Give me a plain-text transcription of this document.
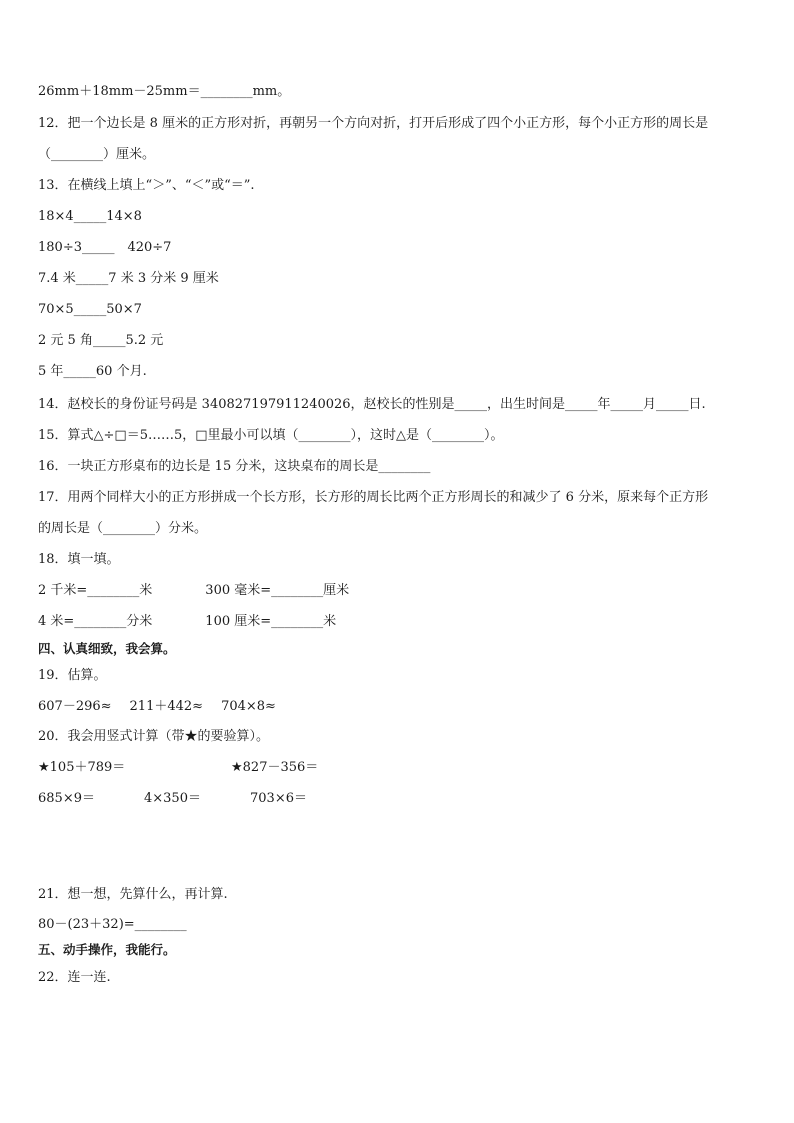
26mm＋18mm－25mm＝________mm。
12．把一个边长是 8 厘米的正方形对折，再朝另一个方向对折，打开后形成了四个小正方形，每个小正方形的周长是
（________）厘米。
13．在横线上填上“＞”、“＜”或“＝”.
18×4_____14×8
180÷3_____　420÷7
7.4 米_____7 米 3 分米 9 厘米
70×5_____50×7
2 元 5 角_____5.2 元
5 年_____60 个月.
14．赵校长的身份证号码是 340827197911240026，赵校长的性别是_____，出生时间是_____年_____月_____日.
15．算式△÷□＝5……5，□里最小可以填（________），这时△是（________）。
16．一块正方形桌布的边长是 15 分米，这块桌布的周长是________
17．用两个同样大小的正方形拼成一个长方形，长方形的周长比两个正方形周长的和减少了 6 分米，原来每个正方形
的周长是（________）分米。
18．填一填。
2 千米=________米	300 毫米=________厘米
4 米=________分米	100 厘米=________米
四、认真细致，我会算。
19．估算。
607－296≈ 211＋442≈ 704×8≈
20．我会用竖式计算（带★的要验算）。
★105＋789＝	★827－356＝
685×9＝	4×350＝	703×6＝
21．想一想，先算什么，再计算.
80－(23＋32)=________
五、动手操作，我能行。
22．连一连.
